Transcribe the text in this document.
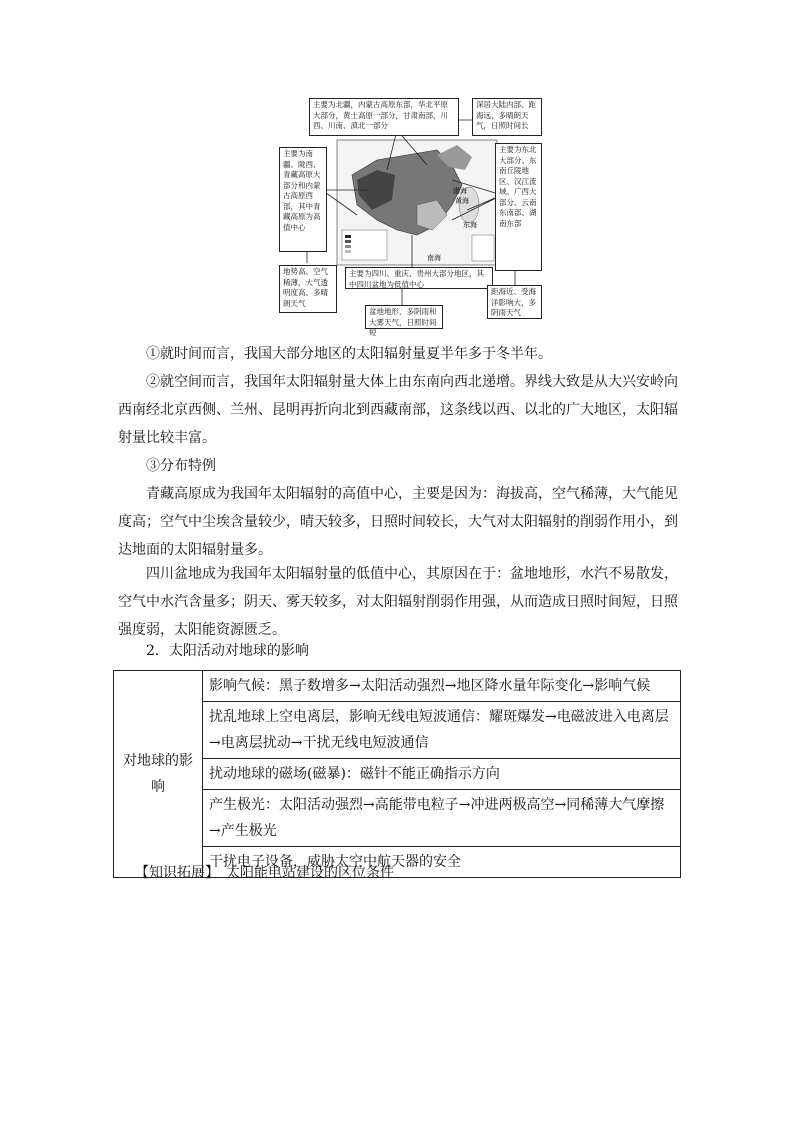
渤海
黄海
东海
南海
主要为北疆，内蒙古高原东部，华北平原大部分，黄土高原一部分，甘肃南部，川西、川南、滇北一部分
深居大陆内部、距海远，多晴朗天气，日照时间长
主要为南疆、陇西、青藏高原大部分和内蒙古高原西部，其中青藏高原为高值中心
主要为东北大部分、东南丘陵地区、汉江流域、广西大部分、云南东南部、湖南东部
地势高、空气稀薄，大气透明度高、多晴朗天气
主要为四川、重庆、贵州大部分地区，其中四川盆地为低值中心
盆地地形、多阴雨和大雾天气，日照时间短
距海近、受海洋影响大，多阴雨天气
①就时间而言，我国大部分地区的太阳辐射量夏半年多于冬半年。
②就空间而言，我国年太阳辐射量大体上由东南向西北递增。界线大致是从大兴安岭向西南经北京西侧、兰州、昆明再折向北到西藏南部，这条线以西、以北的广大地区，太阳辐射量比较丰富。
③分布特例
青藏高原成为我国年太阳辐射的高值中心，主要是因为：海拔高，空气稀薄，大气能见度高；空气中尘埃含量较少，晴天较多，日照时间较长，大气对太阳辐射的削弱作用小，到达地面的太阳辐射量多。
四川盆地成为我国年太阳辐射量的低值中心，其原因在于：盆地地形，水汽不易散发，空气中水汽含量多；阴天、雾天较多，对太阳辐射削弱作用强，从而造成日照时间短，日照强度弱，太阳能资源匮乏。
2．太阳活动对地球的影响
对地球的影响	影响气候：黑子数增多→太阳活动强烈→地区降水量年际变化→影响气候
扰乱地球上空电离层，影响无线电短波通信：耀斑爆发→电磁波进入电离层→电离层扰动→干扰无线电短波通信
扰动地球的磁场(磁暴)：磁针不能正确指示方向
产生极光：太阳活动强烈→高能带电粒子→冲进两极高空→同稀薄大气摩擦→产生极光
干扰电子设备，威胁太空中航天器的安全
【知识拓展】　太阳能电站建设的区位条件
